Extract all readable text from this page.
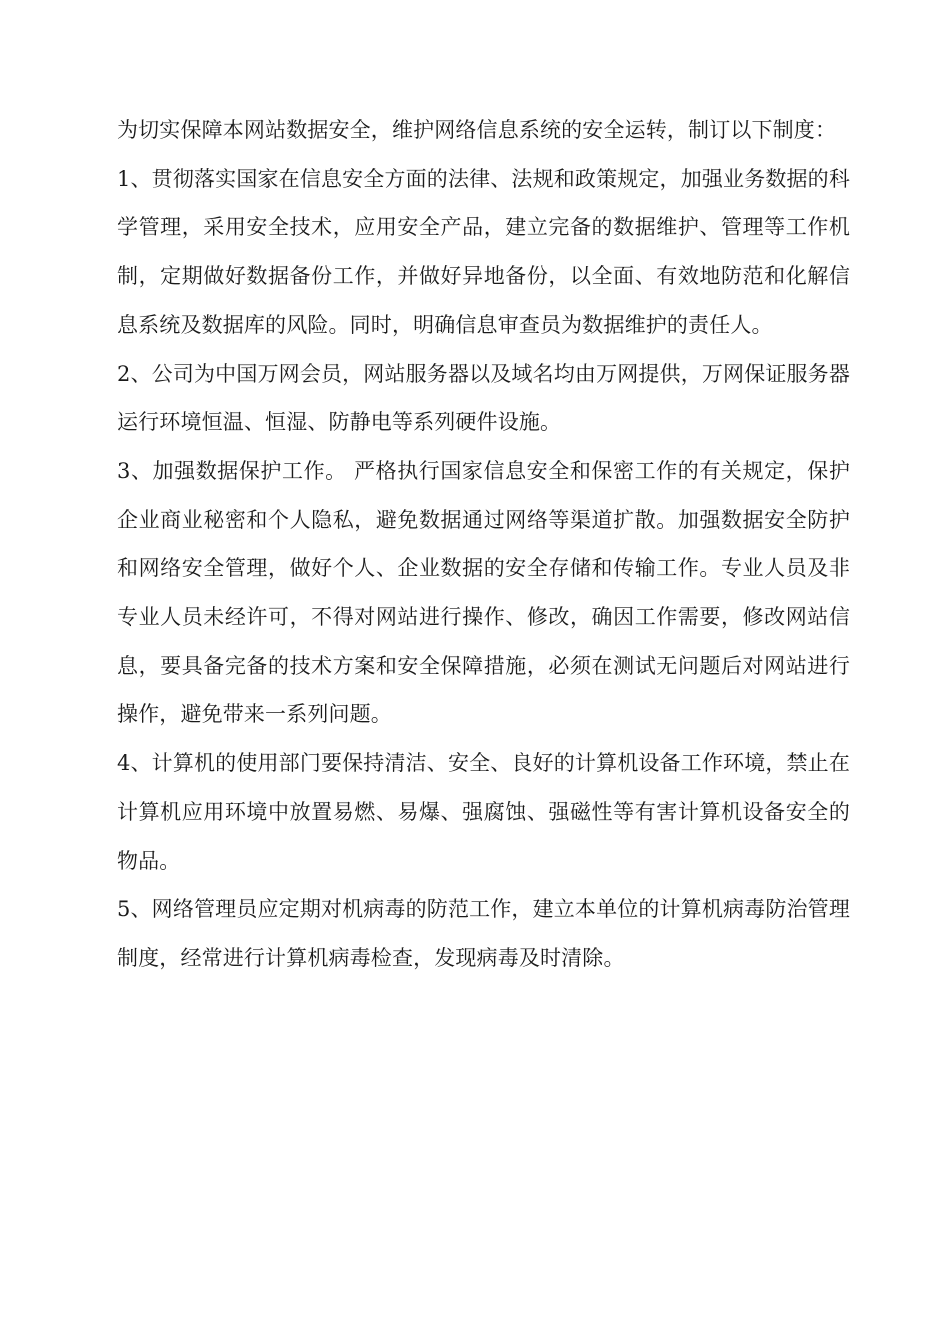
为切实保障本网站数据安全，维护网络信息系统的安全运转，制订以下制度：

1、贯彻落实国家在信息安全方面的法律、法规和政策规定，加强业务数据的科学管理，采用安全技术，应用安全产品，建立完备的数据维护、管理等工作机制，定期做好数据备份工作，并做好异地备份，以全面、有效地防范和化解信息系统及数据库的风险。同时，明确信息审查员为数据维护的责任人。

2、公司为中国万网会员，网站服务器以及域名均由万网提供，万网保证服务器运行环境恒温、恒湿、防静电等系列硬件设施。

3、加强数据保护工作。 严格执行国家信息安全和保密工作的有关规定，保护企业商业秘密和个人隐私，避免数据通过网络等渠道扩散。加强数据安全防护和网络安全管理，做好个人、企业数据的安全存储和传输工作。专业人员及非专业人员未经许可，不得对网站进行操作、修改，确因工作需要，修改网站信息，要具备完备的技术方案和安全保障措施，必须在测试无问题后对网站进行操作，避免带来一系列问题。

4、计算机的使用部门要保持清洁、安全、良好的计算机设备工作环境，禁止在计算机应用环境中放置易燃、易爆、强腐蚀、强磁性等有害计算机设备安全的物品。

5、网络管理员应定期对机病毒的防范工作，建立本单位的计算机病毒防治管理制度，经常进行计算机病毒检查，发现病毒及时清除。
